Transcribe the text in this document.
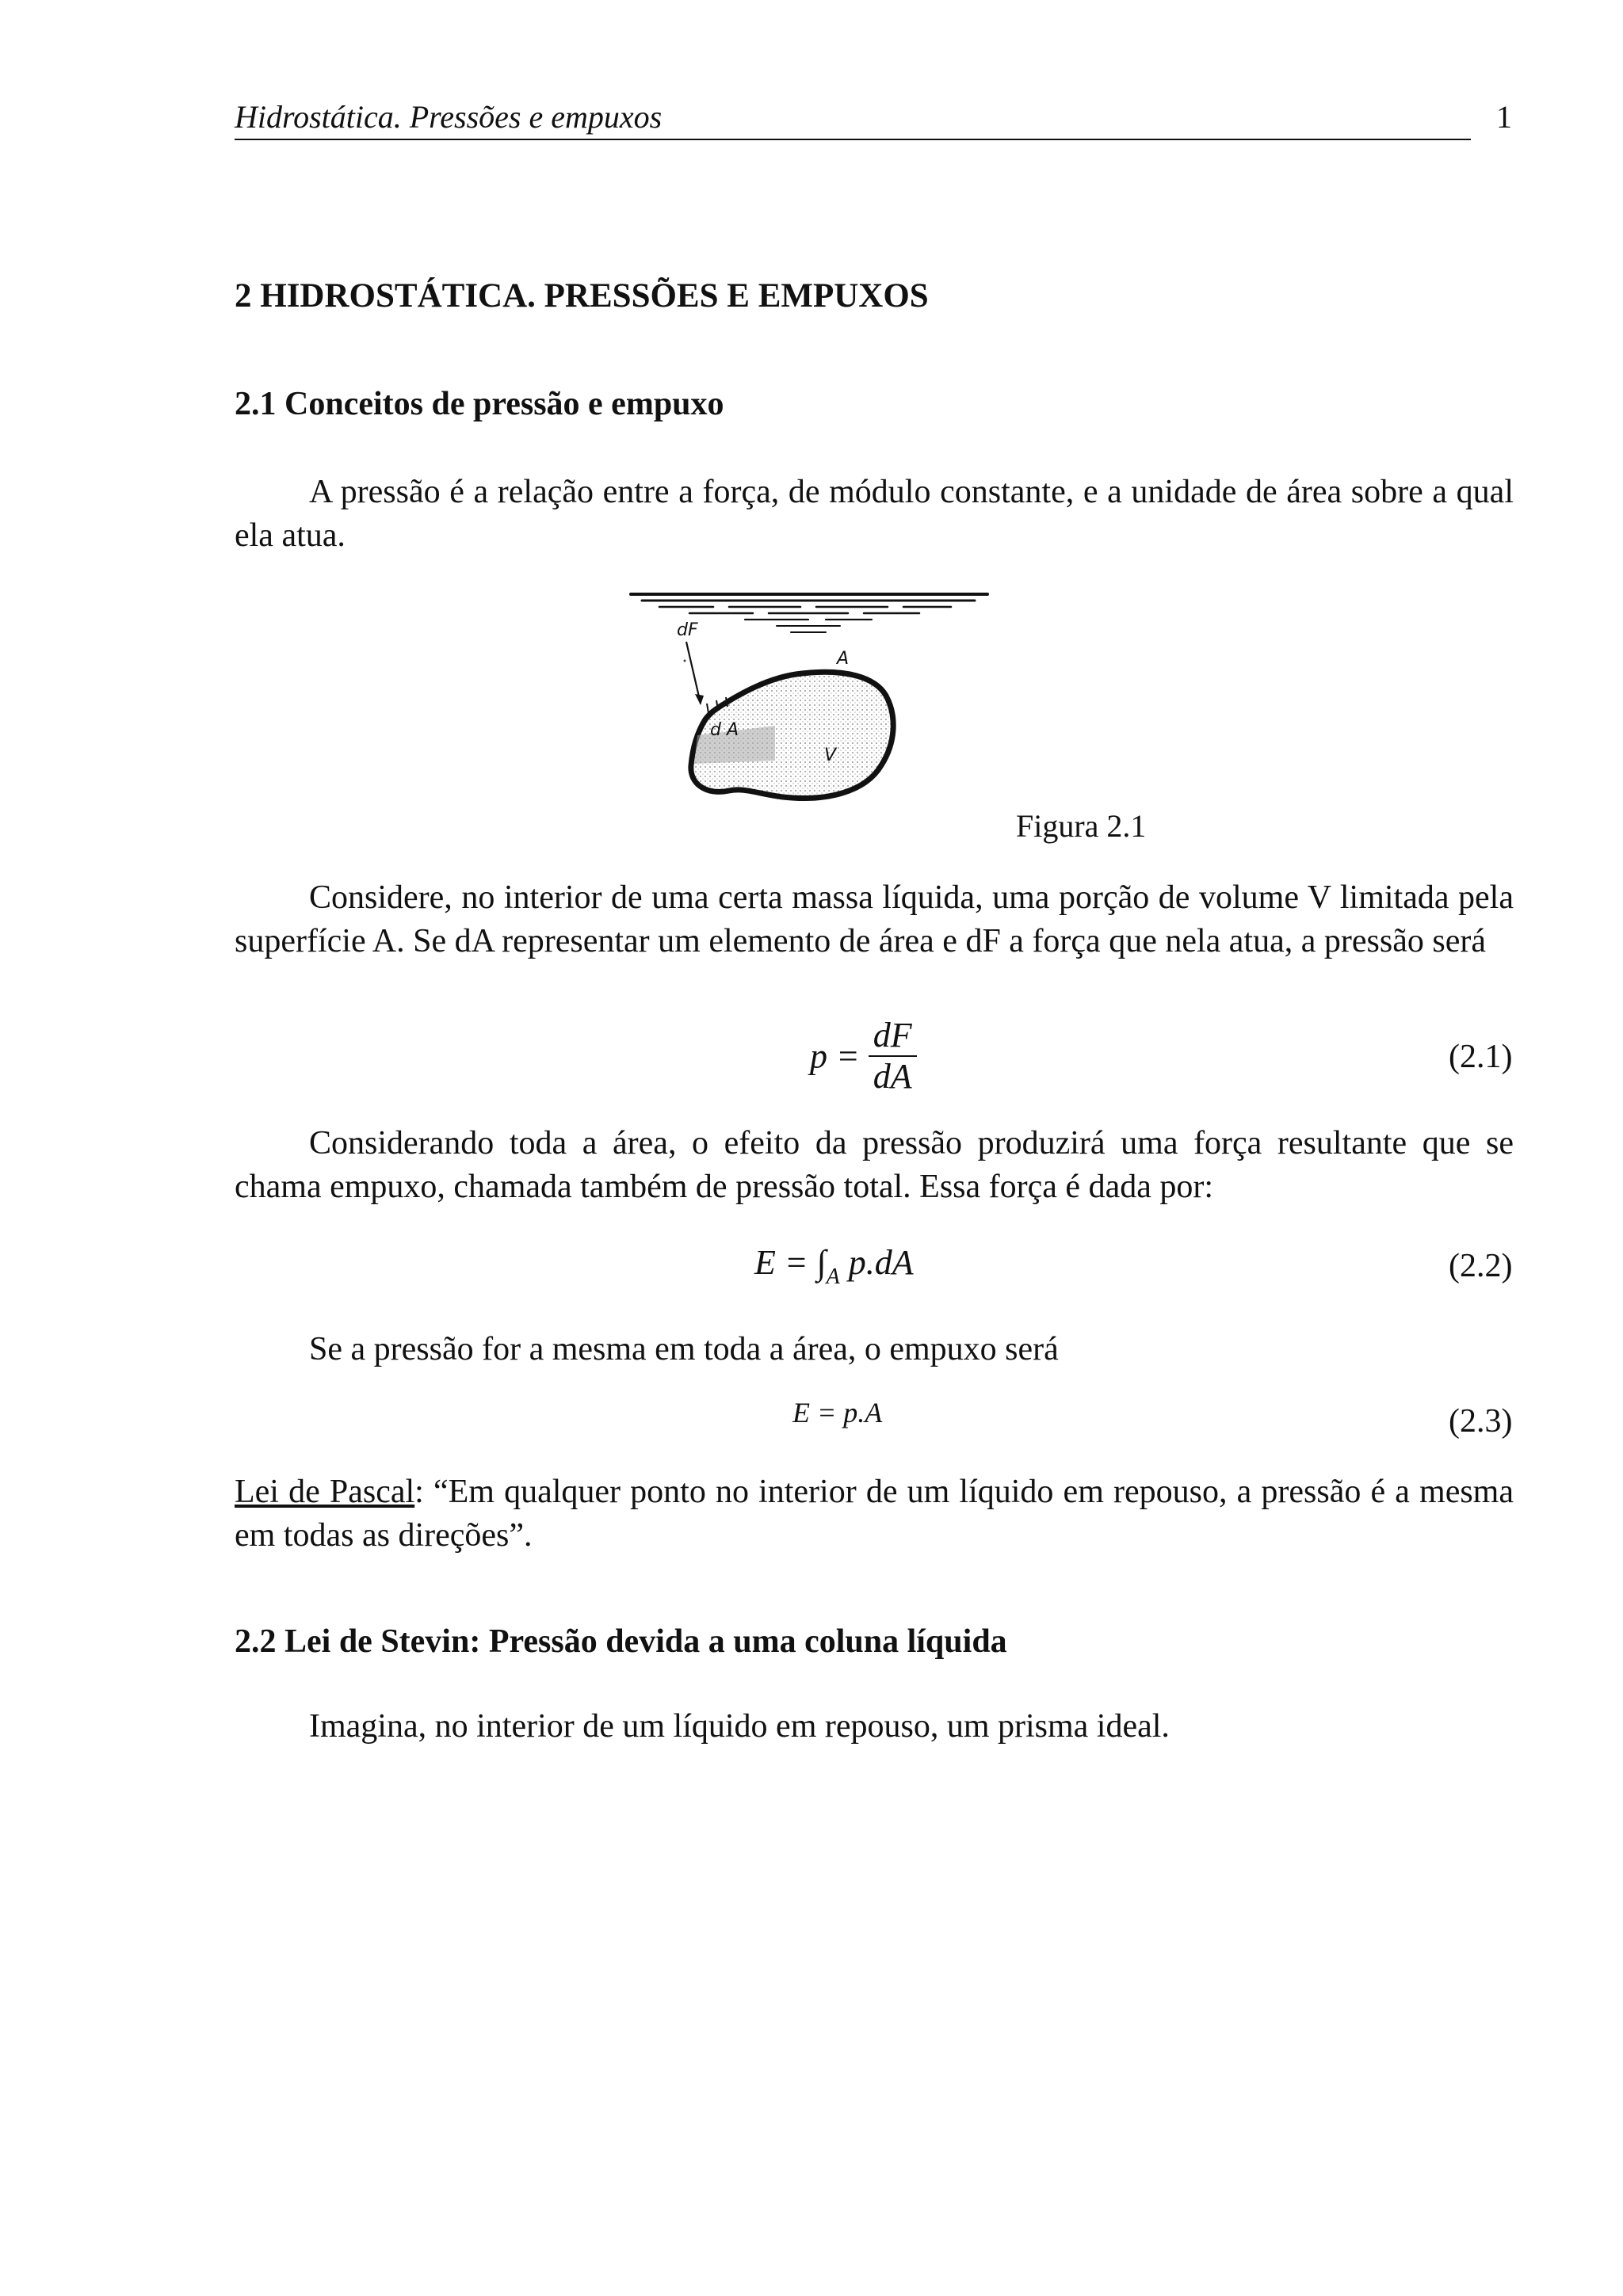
Hidrostática. Pressões e empuxos	1
2 HIDROSTÁTICA. PRESSÕES E EMPUXOS
2.1 Conceitos de pressão e empuxo

A pressão é a relação entre a força, de módulo constante, e a unidade de área sobre a qual ela atua.

dF
A
d A
V
Figura 2.1

Considere, no interior de uma certa massa líquida, uma porção de volume V limitada pela superfície A. Se dA representar um elemento de área e dF a força que nela atua, a pressão será

$p = \frac{dF}{dA}$	(2.1)

Considerando toda a área, o efeito da pressão produzirá uma força resultante que se chama empuxo, chamada também de pressão total. Essa força é dada por:

$E = \int_A$ p.dA	(2.2)

Se a pressão for a mesma em toda a área, o empuxo será

E = p.A	(2.3)

Lei de Pascal: “Em qualquer ponto no interior de um líquido em repouso, a pressão é a mesma em todas as direções”.

2.2 Lei de Stevin: Pressão devida a uma coluna líquida

Imagina, no interior de um líquido em repouso, um prisma ideal.
